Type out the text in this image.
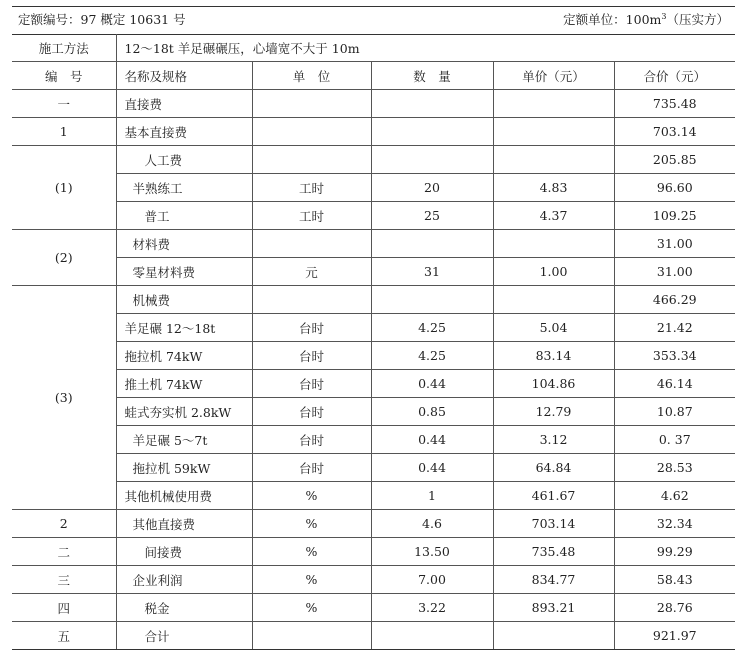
定额编号：97 概定 10631 号	定额单位：$100m^3$（压实方）
施工方法	12～18t 羊足碾碾压，心墙宽不大于 10m				
编　号	名称及规格	单　位	数　量	单价（元）	合价（元）
一	直接费				735.48
1	基本直接费				703.14
(1)	人工费				205.85
	半熟练工	工时	20	4.83	96.60
	普工	工时	25	4.37	109.25
(2)	材料费				31.00
	零星材料费	元	31	1.00	31.00
(3)	机械费				466.29
	羊足碾 12～18t	台时	4.25	5.04	21.42
	拖拉机 74kW	台时	4.25	83.14	353.34
	推土机 74kW	台时	0.44	104.86	46.14
	蛙式夯实机 2.8kW	台时	0.85	12.79	10.87
	羊足碾 5～7t	台时	0.44	3.12	0. 37
	拖拉机 59kW	台时	0.44	64.84	28.53
	其他机械使用费	%	1	461.67	4.62
2	其他直接费	%	4.6	703.14	32.34
二	间接费	%	13.50	735.48	99.29
三	企业利润	%	7.00	834.77	58.43
四	税金	%	3.22	893.21	28.76
五	合计				921.97
